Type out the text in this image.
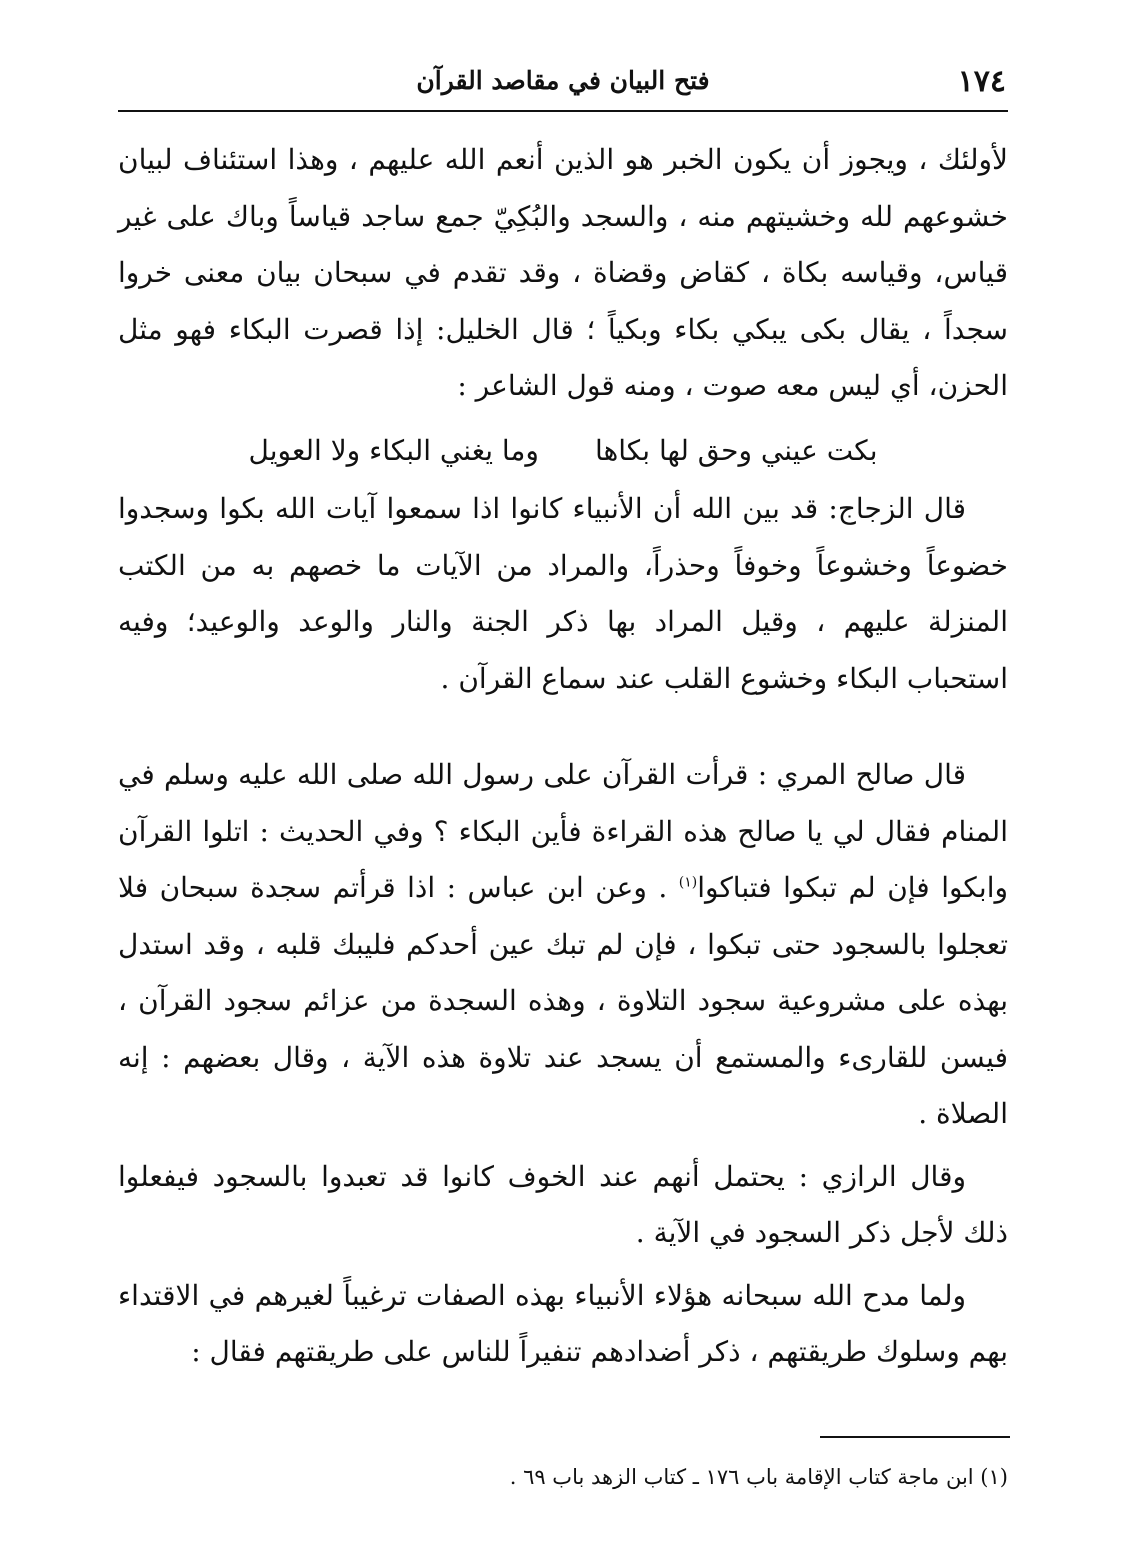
١٧٤
فتح البيان في مقاصد القرآن

لأولئك ، ويجوز أن يكون الخبر هو الذين أنعم الله عليهم ، وهذا استئناف لبيان خشوعهم لله وخشيتهم منه ، والسجد والبُكِيّ جمع ساجد قياساً وباك على غير قياس، وقياسه بكاة ، كقاض وقضاة ، وقد تقدم في سبحان بيان معنى خروا سجداً ، يقال بكى يبكي بكاء وبكياً ؛ قال الخليل: إذا قصرت البكاء فهو مثل الحزن، أي ليس معه صوت ، ومنه قول الشاعر :

بكت عيني وحق لها بكاهاوما يغني البكاء ولا العويل

قال الزجاج: قد بين الله أن الأنبياء كانوا اذا سمعوا آيات الله بكوا وسجدوا خضوعاً وخشوعاً وخوفاً وحذراً، والمراد من الآيات ما خصهم به من الكتب المنزلة عليهم ، وقيل المراد بها ذكر الجنة والنار والوعد والوعيد؛ وفيه استحباب البكاء وخشوع القلب عند سماع القرآن .

قال صالح المري : قرأت القرآن على رسول الله صلى الله عليه وسلم في المنام فقال لي يا صالح هذه القراءة فأين البكاء ؟ وفي الحديث : اتلوا القرآن وابكوا فإن لم تبكوا فتباكوا$^{(١)}$ . وعن ابن عباس : اذا قرأتم سجدة سبحان فلا تعجلوا بالسجود حتى تبكوا ، فإن لم تبك عين أحدكم فليبك قلبه ، وقد استدل بهذه على مشروعية سجود التلاوة ، وهذه السجدة من عزائم سجود القرآن ، فيسن للقارىء والمستمع أن يسجد عند تلاوة هذه الآية ، وقال بعضهم : إنه الصلاة .

وقال الرازي : يحتمل أنهم عند الخوف كانوا قد تعبدوا بالسجود فيفعلوا ذلك لأجل ذكر السجود في الآية .

ولما مدح الله سبحانه هؤلاء الأنبياء بهذه الصفات ترغيباً لغيرهم في الاقتداء بهم وسلوك طريقتهم ، ذكر أضدادهم تنفيراً للناس على طريقتهم فقال :

(١) ابن ماجة كتاب الإقامة باب ١٧٦ ـ كتاب الزهد باب ٦٩ .
